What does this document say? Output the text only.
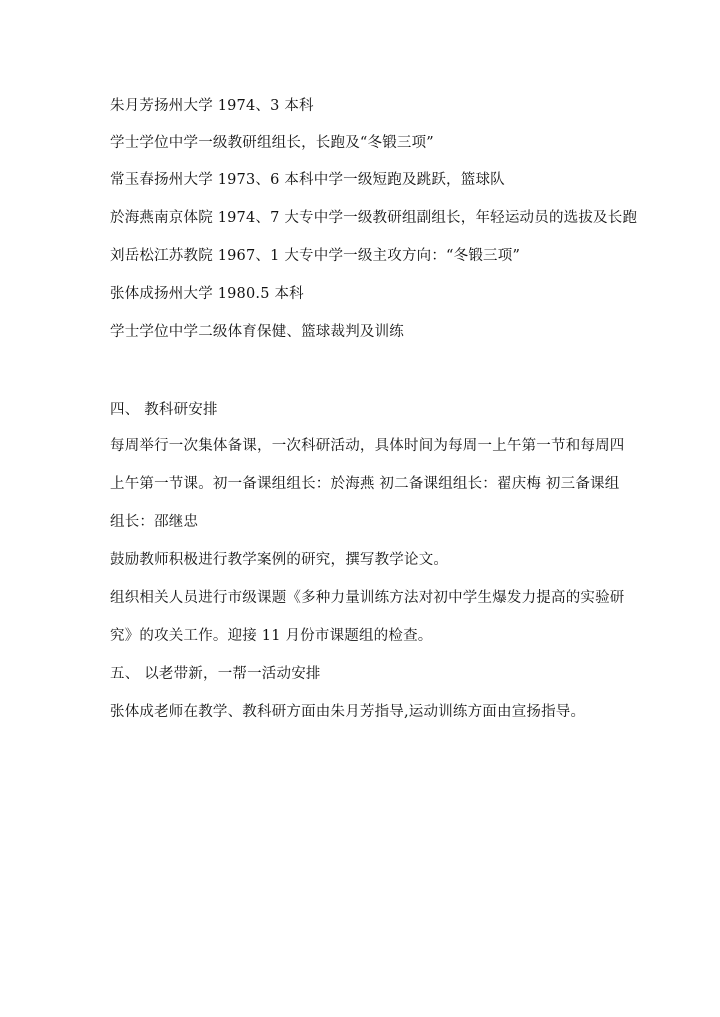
朱月芳扬州大学 1974、3 本科
学士学位中学一级教研组组长，长跑及“冬锻三项”
常玉春扬州大学 1973、6 本科中学一级短跑及跳跃，篮球队
於海燕南京体院 1974、7 大专中学一级教研组副组长，年轻运动员的选拔及长跑
刘岳松江苏教院 1967、1 大专中学一级主攻方向：“冬锻三项”
张体成扬州大学 1980.5 本科
学士学位中学二级体育保健、篮球裁判及训练
四、 教科研安排
每周举行一次集体备课，一次科研活动，具体时间为每周一上午第一节和每周四
上午第一节课。初一备课组组长：於海燕 初二备课组组长：翟庆梅 初三备课组
组长：邵继忠
鼓励教师积极进行教学案例的研究，撰写教学论文。
组织相关人员进行市级课题《多种力量训练方法对初中学生爆发力提高的实验研
究》的攻关工作。迎接 11 月份市课题组的检查。
五、 以老带新，一帮一活动安排
张体成老师在教学、教科研方面由朱月芳指导,运动训练方面由宣扬指导。
